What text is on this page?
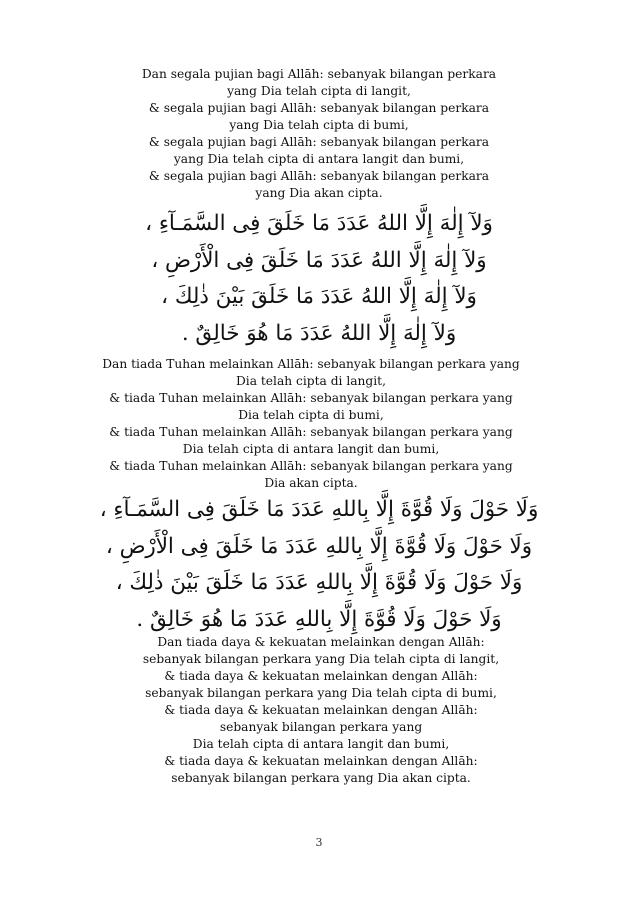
Dan segala pujian bagi Allāh: sebanyak bilangan perkara
yang Dia telah cipta di langit,
& segala pujian bagi Allāh: sebanyak bilangan perkara
yang Dia telah cipta di bumi,
& segala pujian bagi Allāh: sebanyak bilangan perkara
yang Dia telah cipta di antara langit dan bumi,
& segala pujian bagi Allāh: sebanyak bilangan perkara
yang Dia akan cipta.
وَلآ إِلٰهَ إِلَّا اللهُ عَدَدَ مَا خَلَقَ فِى السَّمَـآءِ ،
وَلآ إِلٰهَ إِلَّا اللهُ عَدَدَ مَا خَلَقَ فِى الْأَرْضِ ،
وَلآ إِلٰهَ إِلَّا اللهُ عَدَدَ مَا خَلَقَ بَيْنَ ذٰلِكَ ،
وَلآ إِلٰهَ إِلَّا اللهُ عَدَدَ مَا هُوَ خَالِقٌ .
Dan tiada Tuhan melainkan Allāh: sebanyak bilangan perkara yang
Dia telah cipta di langit,
& tiada Tuhan melainkan Allāh: sebanyak bilangan perkara yang
Dia telah cipta di bumi,
& tiada Tuhan melainkan Allāh: sebanyak bilangan perkara yang
Dia telah cipta di antara langit dan bumi,
& tiada Tuhan melainkan Allāh: sebanyak bilangan perkara yang
Dia akan cipta.
وَلَا حَوْلَ وَلَا قُوَّةَ إِلَّا بِاللهِ عَدَدَ مَا خَلَقَ فِى السَّمَـآءِ ،
وَلَا حَوْلَ وَلَا قُوَّةَ إِلَّا بِاللهِ عَدَدَ مَا خَلَقَ فِى الْأَرْضِ ،
وَلَا حَوْلَ وَلَا قُوَّةَ إِلَّا بِاللهِ عَدَدَ مَا خَلَقَ بَيْنَ ذٰلِكَ ،
وَلَا حَوْلَ وَلَا قُوَّةَ إِلَّا بِاللهِ عَدَدَ مَا هُوَ خَالِقٌ .
Dan tiada daya & kekuatan melainkan dengan Allāh:
sebanyak bilangan perkara yang Dia telah cipta di langit,
& tiada daya & kekuatan melainkan dengan Allāh:
sebanyak bilangan perkara yang Dia telah cipta di bumi,
& tiada daya & kekuatan melainkan dengan Allāh:
sebanyak bilangan perkara yang
Dia telah cipta di antara langit dan bumi,
& tiada daya & kekuatan melainkan dengan Allāh:
sebanyak bilangan perkara yang Dia akan cipta.
3
